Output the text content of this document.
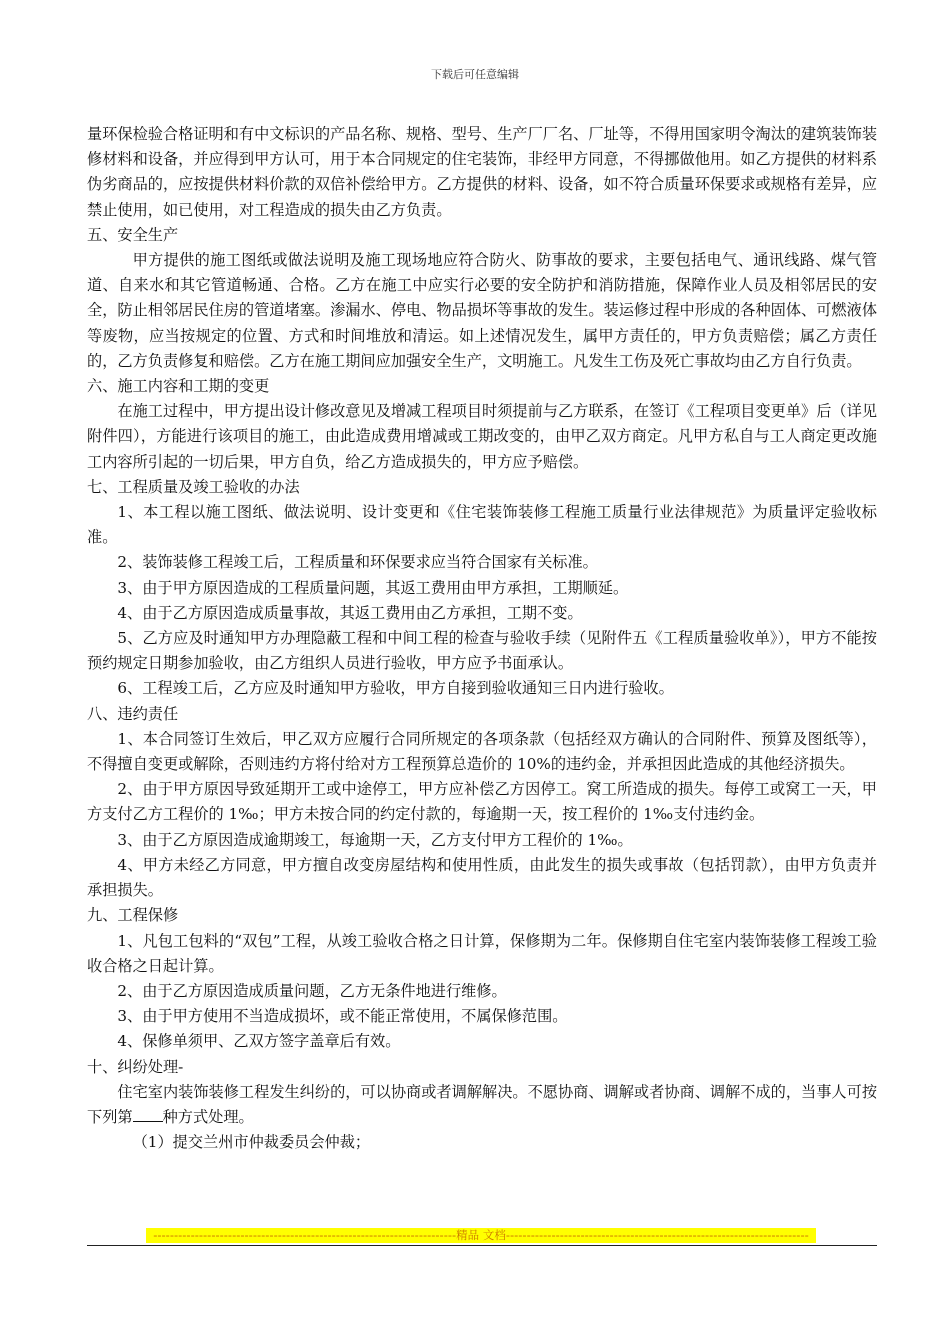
下载后可任意编辑

量环保检验合格证明和有中文标识的产品名称、规格、型号、生产厂厂名、厂址等，不得用国家明令淘汰的建筑装饰装修材料和设备，并应得到甲方认可，用于本合同规定的住宅装饰，非经甲方同意，不得挪做他用。如乙方提供的材料系伪劣商品的，应按提供材料价款的双倍补偿给甲方。乙方提供的材料、设备，如不符合质量环保要求或规格有差异，应禁止使用，如已使用，对工程造成的损失由乙方负责。

五、安全生产

甲方提供的施工图纸或做法说明及施工现场地应符合防火、防事故的要求，主要包括电气、通讯线路、煤气管道、自来水和其它管道畅通、合格。乙方在施工中应实行必要的安全防护和消防措施，保障作业人员及相邻居民的安全，防止相邻居民住房的管道堵塞。渗漏水、停电、物品损坏等事故的发生。装运修过程中形成的各种固体、可燃液体等废物，应当按规定的位置、方式和时间堆放和清运。如上述情况发生，属甲方责任的，甲方负责赔偿；属乙方责任的，乙方负责修复和赔偿。乙方在施工期间应加强安全生产，文明施工。凡发生工伤及死亡事故均由乙方自行负责。

六、施工内容和工期的变更

在施工过程中，甲方提出设计修改意见及增减工程项目时须提前与乙方联系，在签订《工程项目变更单》后（详见附件四），方能进行该项目的施工，由此造成费用增减或工期改变的，由甲乙双方商定。凡甲方私自与工人商定更改施工内容所引起的一切后果，甲方自负，给乙方造成损失的，甲方应予赔偿。

七、工程质量及竣工验收的办法

1、本工程以施工图纸、做法说明、设计变更和《住宅装饰装修工程施工质量行业法律规范》为质量评定验收标准。

2、装饰装修工程竣工后，工程质量和环保要求应当符合国家有关标准。

3、由于甲方原因造成的工程质量问题，其返工费用由甲方承担，工期顺延。

4、由于乙方原因造成质量事故，其返工费用由乙方承担，工期不变。

5、乙方应及时通知甲方办理隐蔽工程和中间工程的检查与验收手续（见附件五《工程质量验收单》），甲方不能按预约规定日期参加验收，由乙方组织人员进行验收，甲方应予书面承认。

6、工程竣工后，乙方应及时通知甲方验收，甲方自接到验收通知三日内进行验收。

八、违约责任

1、本合同签订生效后，甲乙双方应履行合同所规定的各项条款（包括经双方确认的合同附件、预算及图纸等），不得擅自变更或解除，否则违约方将付给对方工程预算总造价的 10%的违约金，并承担因此造成的其他经济损失。

2、由于甲方原因导致延期开工或中途停工，甲方应补偿乙方因停工。窝工所造成的损失。每停工或窝工一天，甲方支付乙方工程价的 1‰；甲方未按合同的约定付款的，每逾期一天，按工程价的 1‰支付违约金。

3、由于乙方原因造成逾期竣工，每逾期一天，乙方支付甲方工程价的 1‰。

4、甲方未经乙方同意，甲方擅自改变房屋结构和使用性质，由此发生的损失或事故（包括罚款），由甲方负责并承担损失。

九、工程保修

1、凡包工包料的“双包”工程，从竣工验收合格之日计算，保修期为二年。保修期自住宅室内装饰装修工程竣工验收合格之日起计算。

2、由于乙方原因造成质量问题，乙方无条件地进行维修。

3、由于甲方使用不当造成损坏，或不能正常使用，不属保修范围。

4、保修单须甲、乙双方签字盖章后有效。

十、纠纷处理-

住宅室内装饰装修工程发生纠纷的，可以协商或者调解解决。不愿协商、调解或者协商、调解不成的，当事人可按下列第 种方式处理。

（1）提交兰州市仲裁委员会仲裁；

-------------------------------------------------------------------------精品 文档-------------------------------------------------------------------------
